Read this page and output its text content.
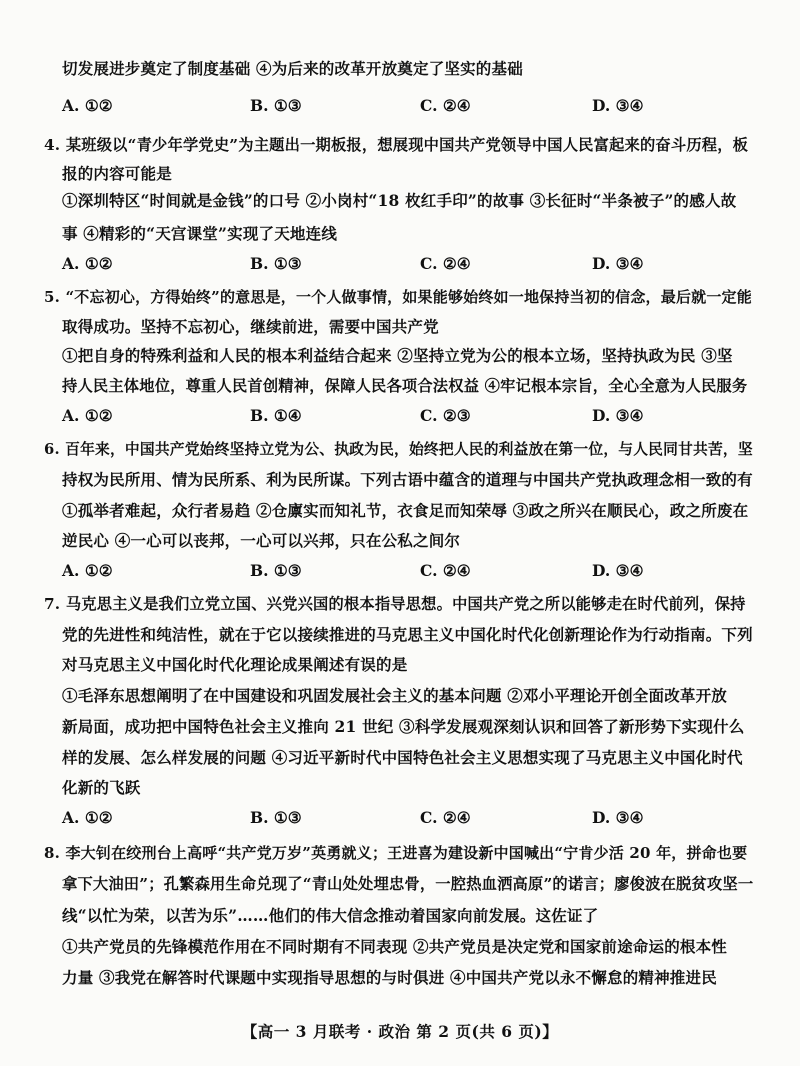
切发展进步奠定了制度基础 ④为后来的改革开放奠定了坚实的基础
A. ①②	B. ①③	C. ②④	D. ③④
4. 某班级以“青少年学党史”为主题出一期板报，想展现中国共产党领导中国人民富起来的奋斗历程，板
报的内容可能是
①深圳特区“时间就是金钱”的口号 ②小岗村“18 枚红手印”的故事 ③长征时“半条被子”的感人故
事 ④精彩的“天宫课堂”实现了天地连线
A. ①②	B. ①③	C. ②④	D. ③④
5. “不忘初心，方得始终”的意思是，一个人做事情，如果能够始终如一地保持当初的信念，最后就一定能
取得成功。坚持不忘初心，继续前进，需要中国共产党
①把自身的特殊利益和人民的根本利益结合起来 ②坚持立党为公的根本立场，坚持执政为民 ③坚
持人民主体地位，尊重人民首创精神，保障人民各项合法权益 ④牢记根本宗旨，全心全意为人民服务
A. ①②	B. ①④	C. ②③	D. ③④
6. 百年来，中国共产党始终坚持立党为公、执政为民，始终把人民的利益放在第一位，与人民同甘共苦，坚
持权为民所用、情为民所系、利为民所谋。下列古语中蕴含的道理与中国共产党执政理念相一致的有
①孤举者难起，众行者易趋 ②仓廪实而知礼节，衣食足而知荣辱 ③政之所兴在顺民心，政之所废在
逆民心 ④一心可以丧邦，一心可以兴邦，只在公私之间尔
A. ①②	B. ①③	C. ②④	D. ③④
7. 马克思主义是我们立党立国、兴党兴国的根本指导思想。中国共产党之所以能够走在时代前列，保持
党的先进性和纯洁性，就在于它以接续推进的马克思主义中国化时代化创新理论作为行动指南。下列
对马克思主义中国化时代化理论成果阐述有误的是
①毛泽东思想阐明了在中国建设和巩固发展社会主义的基本问题 ②邓小平理论开创全面改革开放
新局面，成功把中国特色社会主义推向 21 世纪 ③科学发展观深刻认识和回答了新形势下实现什么
样的发展、怎么样发展的问题 ④习近平新时代中国特色社会主义思想实现了马克思主义中国化时代
化新的飞跃
A. ①②	B. ①③	C. ②④	D. ③④
8. 李大钊在绞刑台上高呼“共产党万岁”英勇就义；王进喜为建设新中国喊出“宁肯少活 20 年，拼命也要
拿下大油田”；孔繁森用生命兑现了“青山处处埋忠骨，一腔热血洒高原”的诺言；廖俊波在脱贫攻坚一
线“以忙为荣，以苦为乐”……他们的伟大信念推动着国家向前发展。这佐证了
①共产党员的先锋模范作用在不同时期有不同表现 ②共产党员是决定党和国家前途命运的根本性
力量 ③我党在解答时代课题中实现指导思想的与时俱进 ④中国共产党以永不懈怠的精神推进民
【高一 3 月联考 · 政治 第 2 页(共 6 页)】
